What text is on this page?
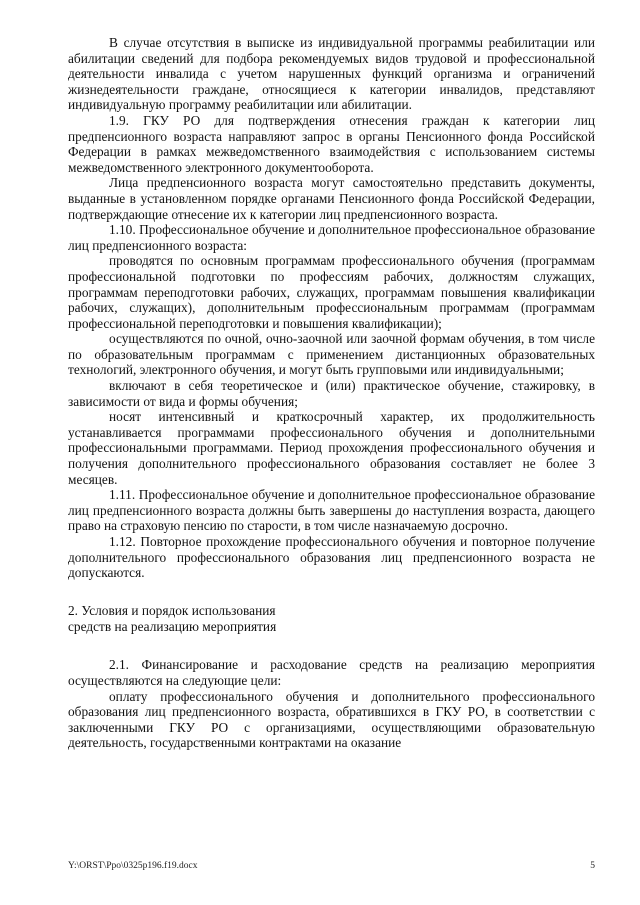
В случае отсутствия в выписке из индивидуальной программы реабилитации или абилитации сведений для подбора рекомендуемых видов трудовой и профессиональной деятельности инвалида с учетом нарушенных функций организма и ограничений жизнедеятельности граждане, относящиеся к категории инвалидов, представляют индивидуальную программу реабилитации или абилитации.

1.9. ГКУ РО для подтверждения отнесения граждан к категории лиц предпенсионного возраста направляют запрос в органы Пенсионного фонда Российской Федерации в рамках межведомственного взаимодействия с использованием системы межведомственного электронного документооборота.

Лица предпенсионного возраста могут самостоятельно представить документы, выданные в установленном порядке органами Пенсионного фонда Российской Федерации, подтверждающие отнесение их к категории лиц предпенсионного возраста.

1.10. Профессиональное обучение и дополнительное профессиональное образование лиц предпенсионного возраста:

проводятся по основным программам профессионального обучения (программам профессиональной подготовки по профессиям рабочих, должностям служащих, программам переподготовки рабочих, служащих, программам повышения квалификации рабочих, служащих), дополнительным профессиональным программам (программам профессиональной переподготовки и повышения квалификации);

осуществляются по очной, очно-заочной или заочной формам обучения, в том числе по образовательным программам с применением дистанционных образовательных технологий, электронного обучения, и могут быть групповыми или индивидуальными;

включают в себя теоретическое и (или) практическое обучение, стажировку, в зависимости от вида и формы обучения;

носят интенсивный и краткосрочный характер, их продолжительность устанавливается программами профессионального обучения и дополнительными профессиональными программами. Период прохождения профессионального обучения и получения дополнительного профессионального образования составляет не более 3 месяцев.

1.11. Профессиональное обучение и дополнительное профессиональное образование лиц предпенсионного возраста должны быть завершены до наступления возраста, дающего право на страховую пенсию по старости, в том числе назначаемую досрочно.

1.12. Повторное прохождение профессионального обучения и повторное получение дополнительного профессионального образования лиц предпенсионного возраста не допускаются.

2. Условия и порядок использования
средств на реализацию мероприятия

2.1. Финансирование и расходование средств на реализацию мероприятия осуществляются на следующие цели:

оплату профессионального обучения и дополнительного профессионального образования лиц предпенсионного возраста, обратившихся в ГКУ РО, в соответствии с заключенными ГКУ РО с организациями, осуществляющими образовательную деятельность, государственными контрактами на оказание

Y:\ORST\Ppo\0325p196.f19.docx	5
